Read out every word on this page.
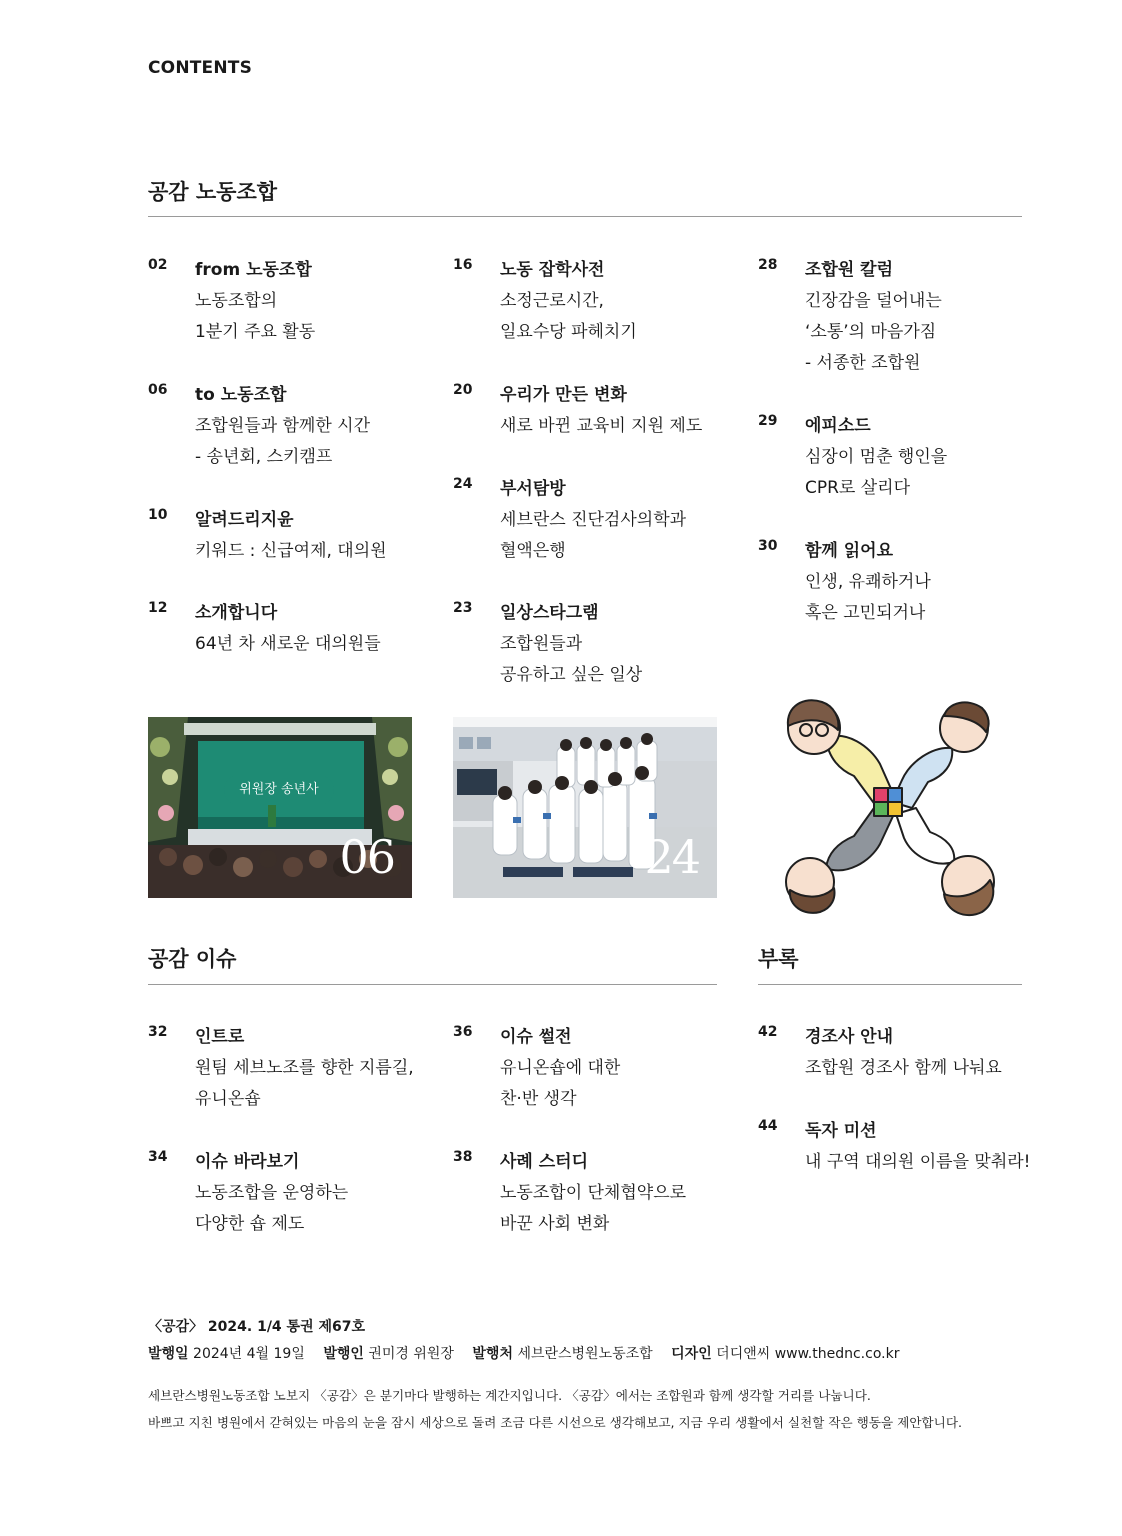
CONTENTS
공감 노동조합
02 from 노동조합
노동조합의
1분기 주요 활동
06 to 노동조합
조합원들과 함께한 시간
- 송년회, 스키캠프
10 알려드리지윤
키워드 : 신급여제, 대의원
12 소개합니다
64년 차 새로운 대의원들
16 노동 잡학사전
소정근로시간,
일요수당 파헤치기
20 우리가 만든 변화
새로 바뀐 교육비 지원 제도
24 부서탐방
세브란스 진단검사의학과
혈액은행
23 일상스타그램
조합원들과
공유하고 싶은 일상
28 조합원 칼럼
긴장감을 덜어내는
‘소통’의 마음가짐
- 서종한 조합원
29 에피소드
심장이 멈춘 행인을
CPR로 살리다
30 함께 읽어요
인생, 유쾌하거나
혹은 고민되거나
위원장 송년사
06	24
공감 이슈
32 인트로
원팀 세브노조를 향한 지름길,
유니온숍
34 이슈 바라보기
노동조합을 운영하는
다양한 숍 제도
36 이슈 썰전
유니온숍에 대한
찬·반 생각
38 사례 스터디
노동조합이 단체협약으로
바꾼 사회 변화
부록
42 경조사 안내
조합원 경조사 함께 나눠요
44 독자 미션
내 구역 대의원 이름을 맞춰라!
〈공감〉 2024. 1/4 통권 제67호
발행일 2024년 4월 19일 발행인 권미경 위원장 발행처 세브란스병원노동조합 디자인 더디앤씨 www.thednc.co.kr
세브란스병원노동조합 노보지 〈공감〉은 분기마다 발행하는 계간지입니다. 〈공감〉에서는 조합원과 함께 생각할 거리를 나눕니다.
바쁘고 지친 병원에서 갇혀있는 마음의 눈을 잠시 세상으로 돌려 조금 다른 시선으로 생각해보고, 지금 우리 생활에서 실천할 작은 행동을 제안합니다.
